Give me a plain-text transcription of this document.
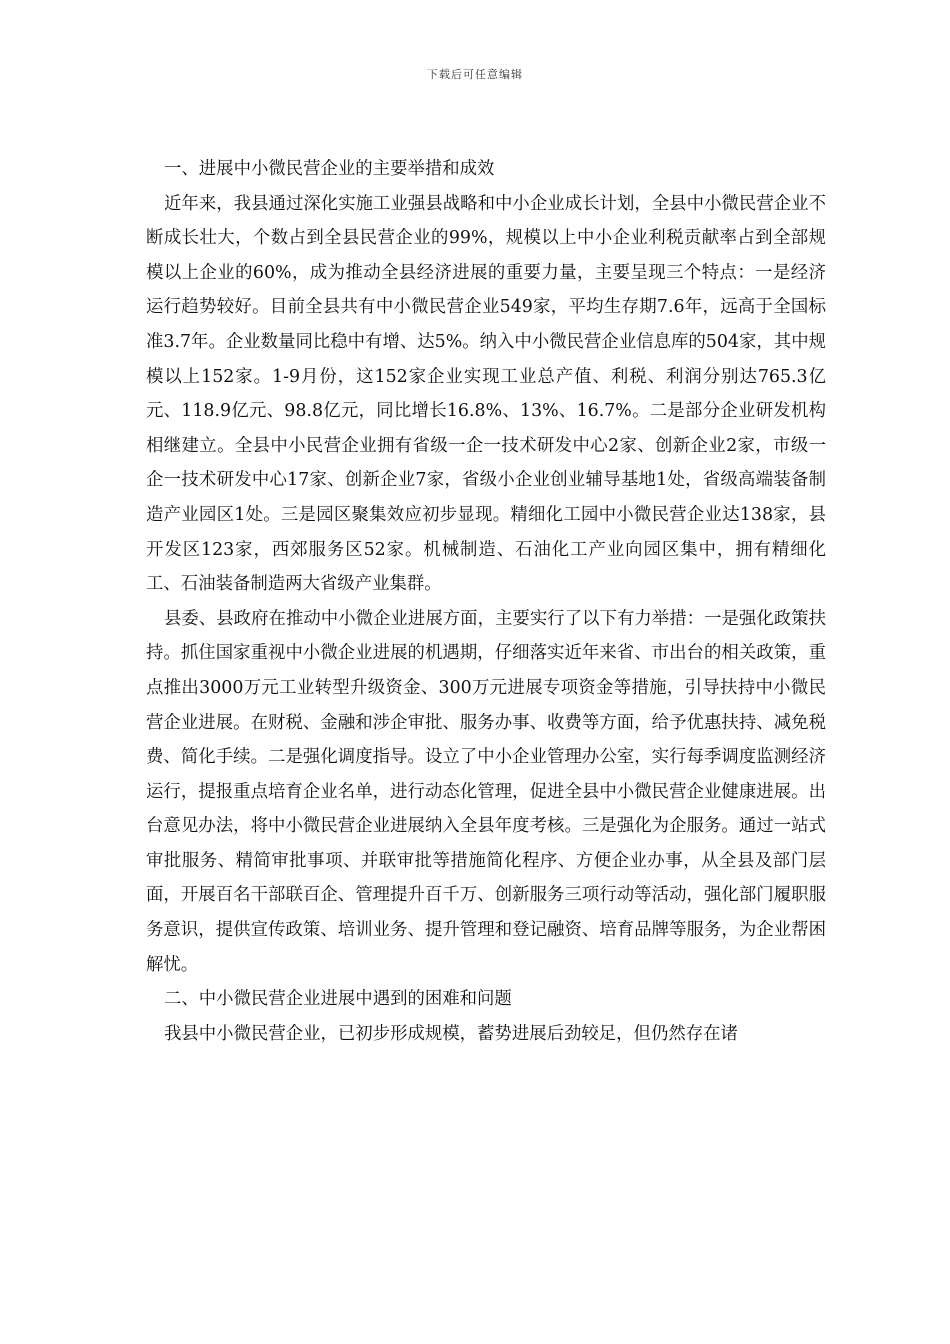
下载后可任意编辑

一、进展中小微民营企业的主要举措和成效

近年来，我县通过深化实施工业强县战略和中小企业成长计划，全县中小微民营企业不断成长壮大，个数占到全县民营企业的99%，规模以上中小企业利税贡献率占到全部规模以上企业的60%，成为推动全县经济进展的重要力量，主要呈现三个特点：一是经济运行趋势较好。目前全县共有中小微民营企业549家，平均生存期7.6年，远高于全国标准3.7年。企业数量同比稳中有增、达5%。纳入中小微民营企业信息库的504家，其中规模以上152家。1-9月份，这152家企业实现工业总产值、利税、利润分别达765.3亿元、118.9亿元、98.8亿元，同比增长16.8%、13%、16.7%。二是部分企业研发机构相继建立。全县中小民营企业拥有省级一企一技术研发中心2家、创新企业2家，市级一企一技术研发中心17家、创新企业7家，省级小企业创业辅导基地1处，省级高端装备制造产业园区1处。三是园区聚集效应初步显现。精细化工园中小微民营企业达138家，县开发区123家，西郊服务区52家。机械制造、石油化工产业向园区集中，拥有精细化工、石油装备制造两大省级产业集群。

县委、县政府在推动中小微企业进展方面，主要实行了以下有力举措：一是强化政策扶持。抓住国家重视中小微企业进展的机遇期，仔细落实近年来省、市出台的相关政策，重点推出3000万元工业转型升级资金、300万元进展专项资金等措施，引导扶持中小微民营企业进展。在财税、金融和涉企审批、服务办事、收费等方面，给予优惠扶持、减免税费、简化手续。二是强化调度指导。设立了中小企业管理办公室，实行每季调度监测经济运行，提报重点培育企业名单，进行动态化管理，促进全县中小微民营企业健康进展。出台意见办法，将中小微民营企业进展纳入全县年度考核。三是强化为企服务。通过一站式审批服务、精简审批事项、并联审批等措施简化程序、方便企业办事，从全县及部门层面，开展百名干部联百企、管理提升百千万、创新服务三项行动等活动，强化部门履职服务意识，提供宣传政策、培训业务、提升管理和登记融资、培育品牌等服务，为企业帮困解忧。

二、中小微民营企业进展中遇到的困难和问题

我县中小微民营企业，已初步形成规模，蓄势进展后劲较足，但仍然存在诸
